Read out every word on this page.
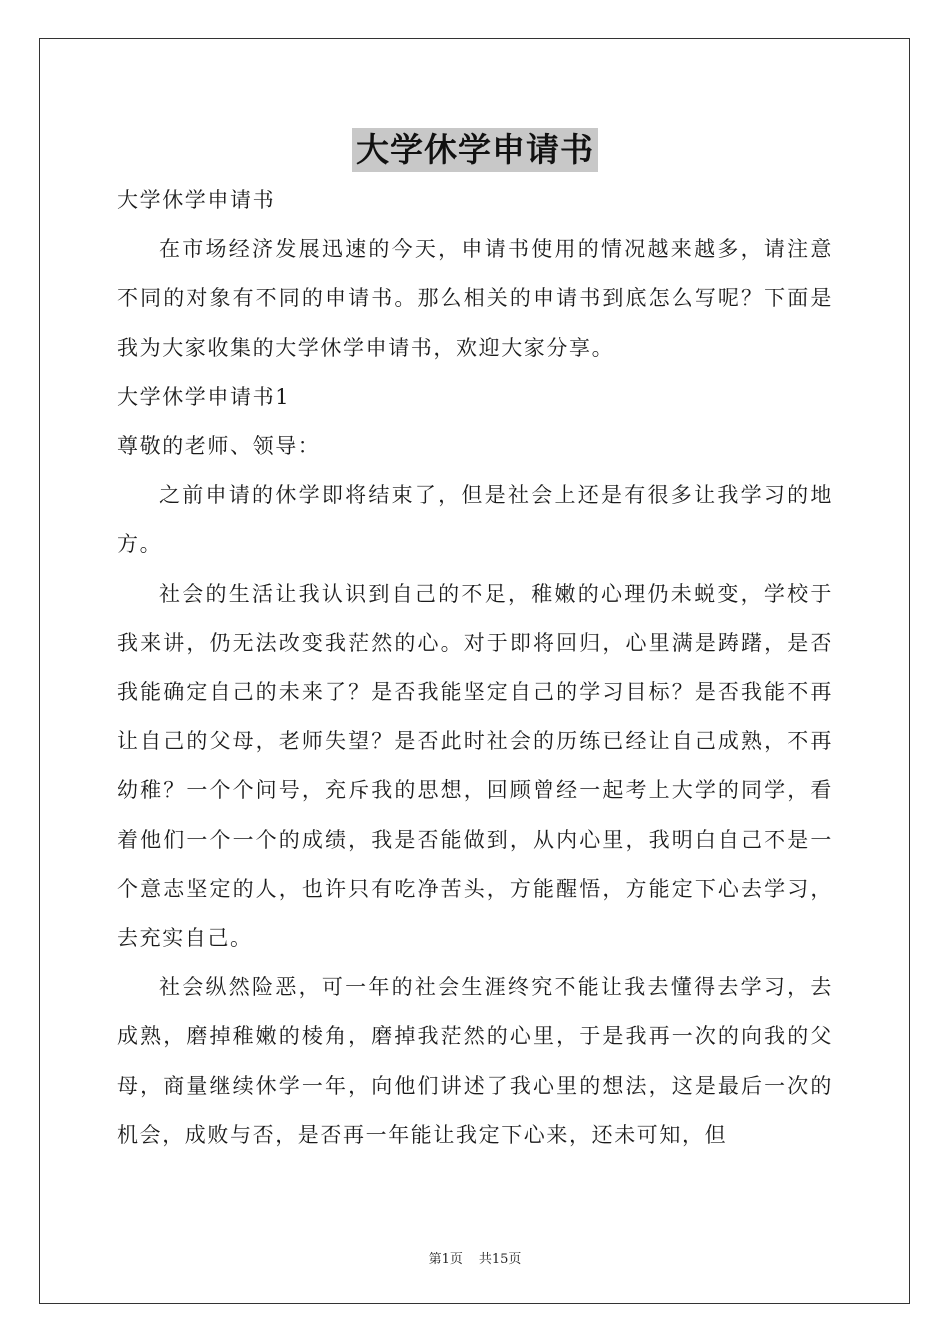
大学休学申请书

大学休学申请书

在市场经济发展迅速的今天，申请书使用的情况越来越多，请注意不同的对象有不同的申请书。那么相关的申请书到底怎么写呢？下面是我为大家收集的大学休学申请书，欢迎大家分享。

大学休学申请书1

尊敬的老师、领导：

之前申请的休学即将结束了，但是社会上还是有很多让我学习的地方。

社会的生活让我认识到自己的不足，稚嫩的心理仍未蜕变，学校于我来讲，仍无法改变我茫然的心。对于即将回归，心里满是踌躇，是否我能确定自己的未来了？是否我能坚定自己的学习目标？是否我能不再让自己的父母，老师失望？是否此时社会的历练已经让自己成熟，不再幼稚？一个个问号，充斥我的思想，回顾曾经一起考上大学的同学，看着他们一个一个的成绩，我是否能做到，从内心里，我明白自己不是一个意志坚定的人，也许只有吃净苦头，方能醒悟，方能定下心去学习，去充实自己。

社会纵然险恶，可一年的社会生涯终究不能让我去懂得去学习，去成熟，磨掉稚嫩的棱角，磨掉我茫然的心里，于是我再一次的向我的父母，商量继续休学一年，向他们讲述了我心里的想法，这是最后一次的机会，成败与否，是否再一年能让我定下心来，还未可知，但

第1页 共15页
